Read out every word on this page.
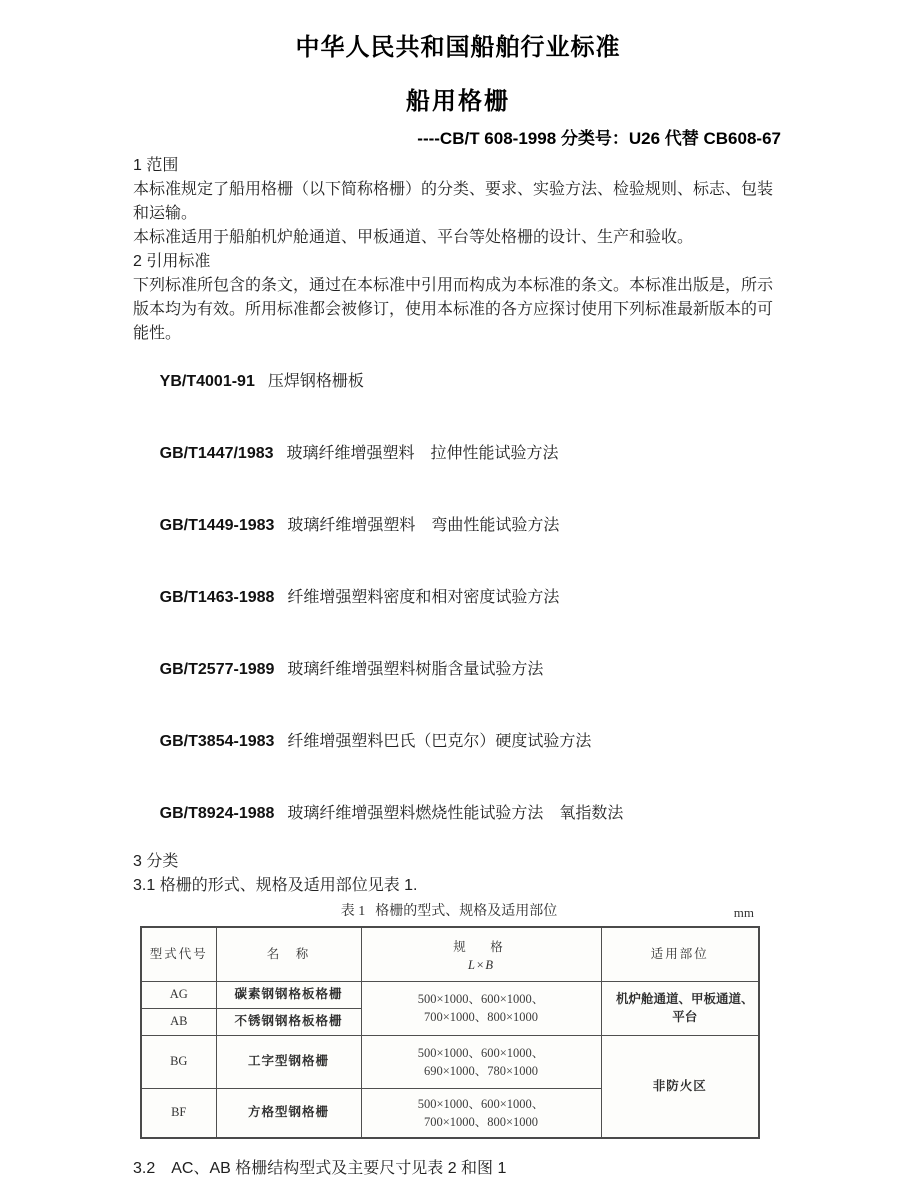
中华人民共和国船舶行业标准
船用格栅
----CB/T 608-1998 分类号：U26 代替 CB608-67
1 范围
本标准规定了船用格栅（以下简称格栅）的分类、要求、实验方法、检验规则、标志、包装
和运输。
本标准适用于船舶机炉舱通道、甲板通道、平台等处格栅的设计、生产和验收。
2 引用标准
下列标准所包含的条文，通过在本标准中引用而构成为本标准的条文。本标准出版是，所示
版本均为有效。所用标准都会被修订，使用本标准的各方应探讨使用下列标准最新版本的可
能性。

YB/T4001-91 压焊钢格栅板

GB/T1447/1983 玻璃纤维增强塑料　拉伸性能试验方法

GB/T1449-1983 玻璃纤维增强塑料　弯曲性能试验方法

GB/T1463-1988 纤维增强塑料密度和相对密度试验方法

GB/T2577-1989 玻璃纤维增强塑料树脂含量试验方法

GB/T3854-1983 纤维增强塑料巴氏（巴克尔）硬度试验方法

GB/T8924-1988 玻璃纤维增强塑料燃烧性能试验方法　氧指数法

3 分类
3.1 格栅的形式、规格及适用部位见表 1.
表 1 格栅的型式、规格及适用部位	mm
型式代号	名　称	规　格
L×B	适用部位
AG	碳素钢钢格板格栅	500×1000、600×1000、
700×1000、800×1000	机炉舱通道、甲板通道、
平台

AB	不锈钢钢格板格栅		
BG	工字型钢格栅	500×1000、600×1000、
690×1000、780×1000	非防火区
BF	方格型钢格栅	500×1000、600×1000、
700×1000、800×1000	
3.2　AC、AB 格栅结构型式及主要尺寸见表 2 和图 1
